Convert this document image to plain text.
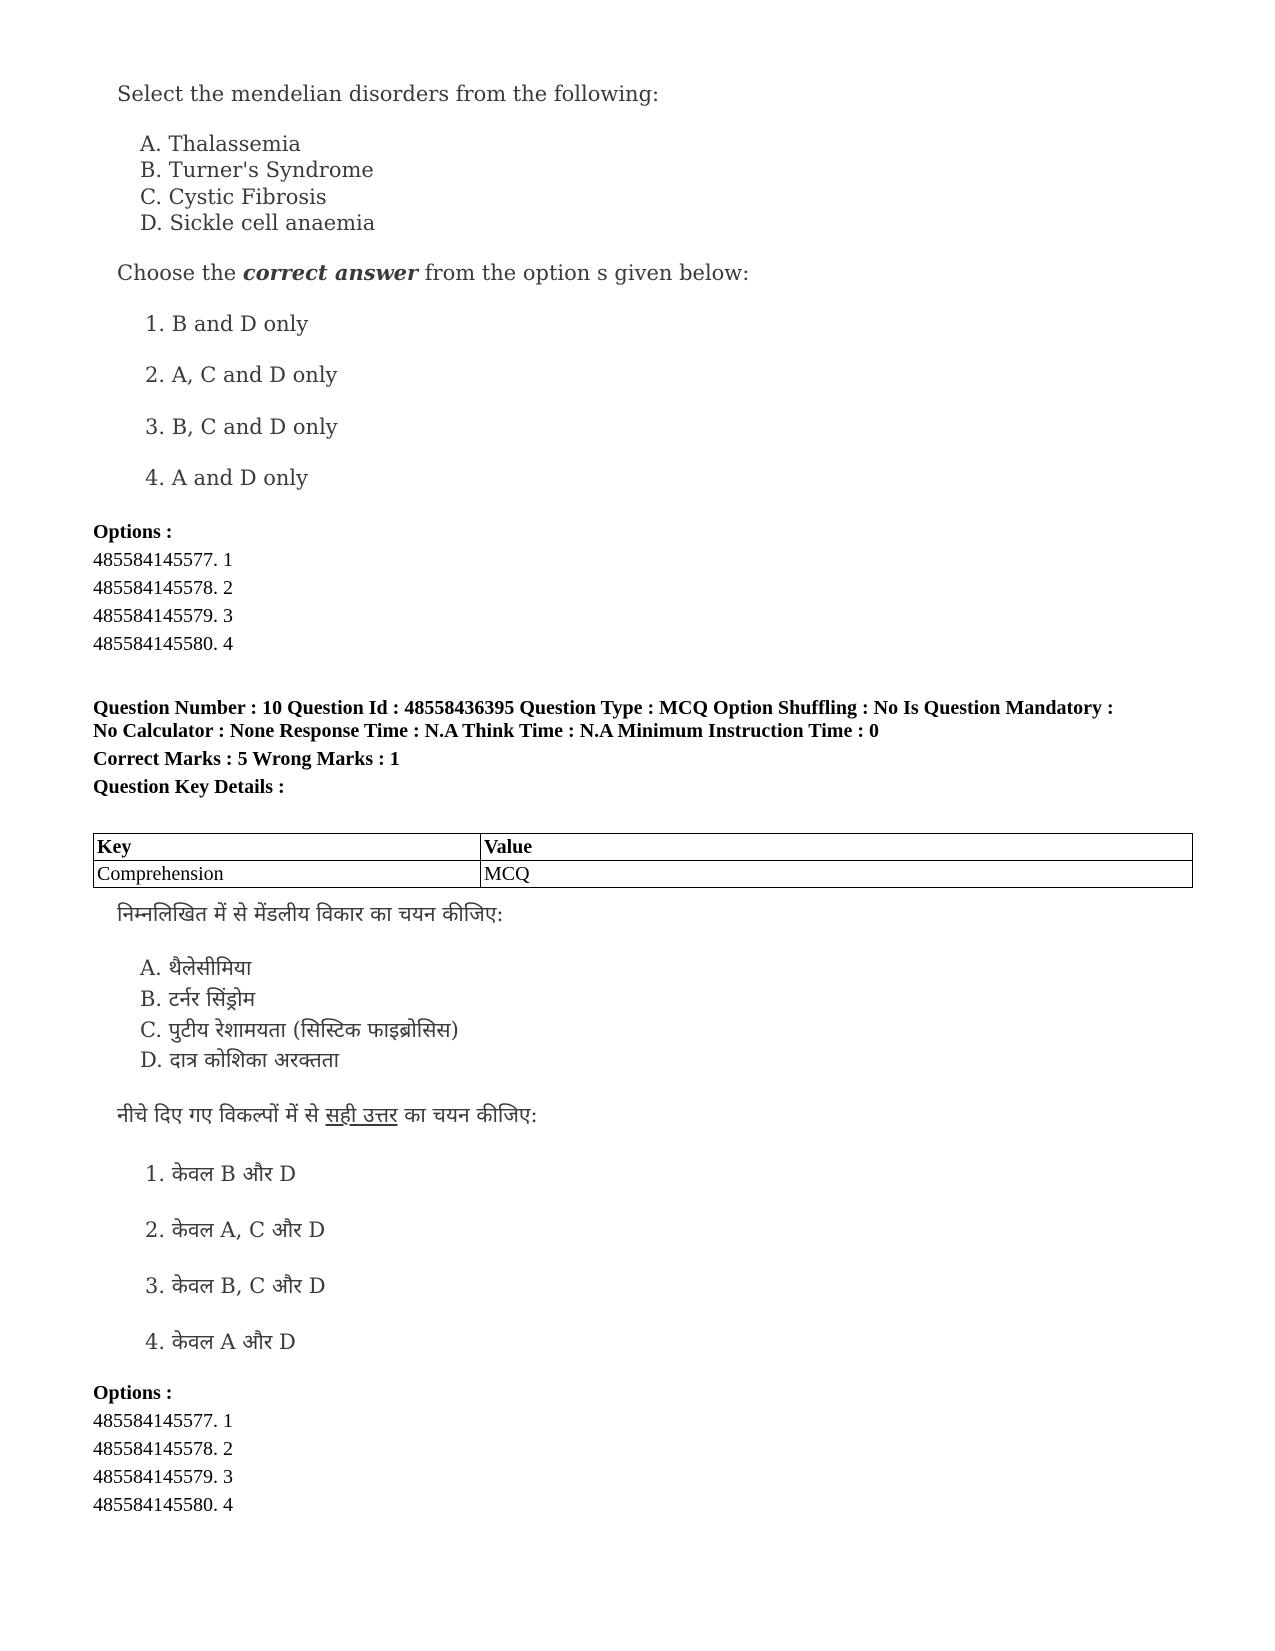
Select the mendelian disorders from the following:
A. Thalassemia
B. Turner's Syndrome
C. Cystic Fibrosis
D. Sickle cell anaemia
Choose the correct answer from the option s given below:
1. B and D only
2. A, C and D only
3. B, C and D only
4. A and D only
Options :
485584145577. 1
485584145578. 2
485584145579. 3
485584145580. 4
Question Number : 10 Question Id : 48558436395 Question Type : MCQ Option Shuffling : No Is Question Mandatory :
No Calculator : None Response Time : N.A Think Time : N.A Minimum Instruction Time : 0
Correct Marks : 5 Wrong Marks : 1
Question Key Details :
Key	Value
Comprehension	MCQ
निम्नलिखित में से मेंडलीय विकार का चयन कीजिए:
A. थैलेसीमिया
B. टर्नर सिंड्रोम
C. पुटीय रेशामयता (सिस्टिक फाइब्रोसिस)
D. दात्र कोशिका अरक्तता
नीचे दिए गए विकल्पों में से सही उत्तर का चयन कीजिए:
1. केवल B और D
2. केवल A, C और D
3. केवल B, C और D
4. केवल A और D
Options :
485584145577. 1
485584145578. 2
485584145579. 3
485584145580. 4
